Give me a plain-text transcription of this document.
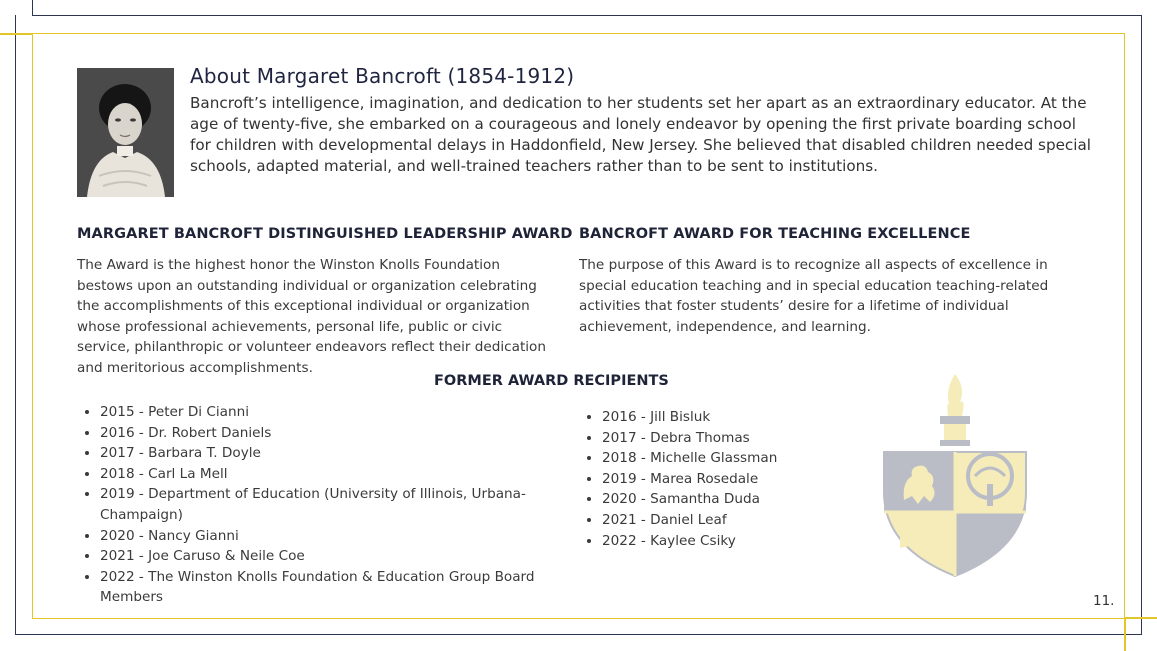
About Margaret Bancroft (1854-1912)

Bancroft’s intelligence, imagination, and dedication to her students set her apart as an extraordinary educator. At the age of twenty-five, she embarked on a courageous and lonely endeavor by opening the first private boarding school for children with developmental delays in Haddonfield, New Jersey. She believed that disabled children needed special schools, adapted material, and well-trained teachers rather than to be sent to institutions.

MARGARET BANCROFT DISTINGUISHED LEADERSHIP AWARD

The Award is the highest honor the Winston Knolls Foundation bestows upon an outstanding individual or organization celebrating the accomplishments of this exceptional individual or organization whose professional achievements, personal life, public or civic service, philanthropic or volunteer endeavors reflect their dedication and meritorious accomplishments.

BANCROFT AWARD FOR TEACHING EXCELLENCE

The purpose of this Award is to recognize all aspects of excellence in special education teaching and in special education teaching-related activities that foster students’ desire for a lifetime of individual achievement, independence, and learning.

FORMER AWARD RECIPIENTS
• 2015 - Peter Di Cianni
• 2016 - Dr. Robert Daniels
• 2017 - Barbara T. Doyle
• 2018 - Carl La Mell
• 2019 - Department of Education (University of Illinois, Urbana-Champaign)
• 2020 - Nancy Gianni
• 2021 - Joe Caruso & Neile Coe
• 2022 - The Winston Knolls Foundation & Education Group Board Members
• 2016 - Jill Bisluk
• 2017 - Debra Thomas
• 2018 - Michelle Glassman
• 2019 - Marea Rosedale
• 2020 - Samantha Duda
• 2021 - Daniel Leaf
• 2022 - Kaylee Csiky
11.
